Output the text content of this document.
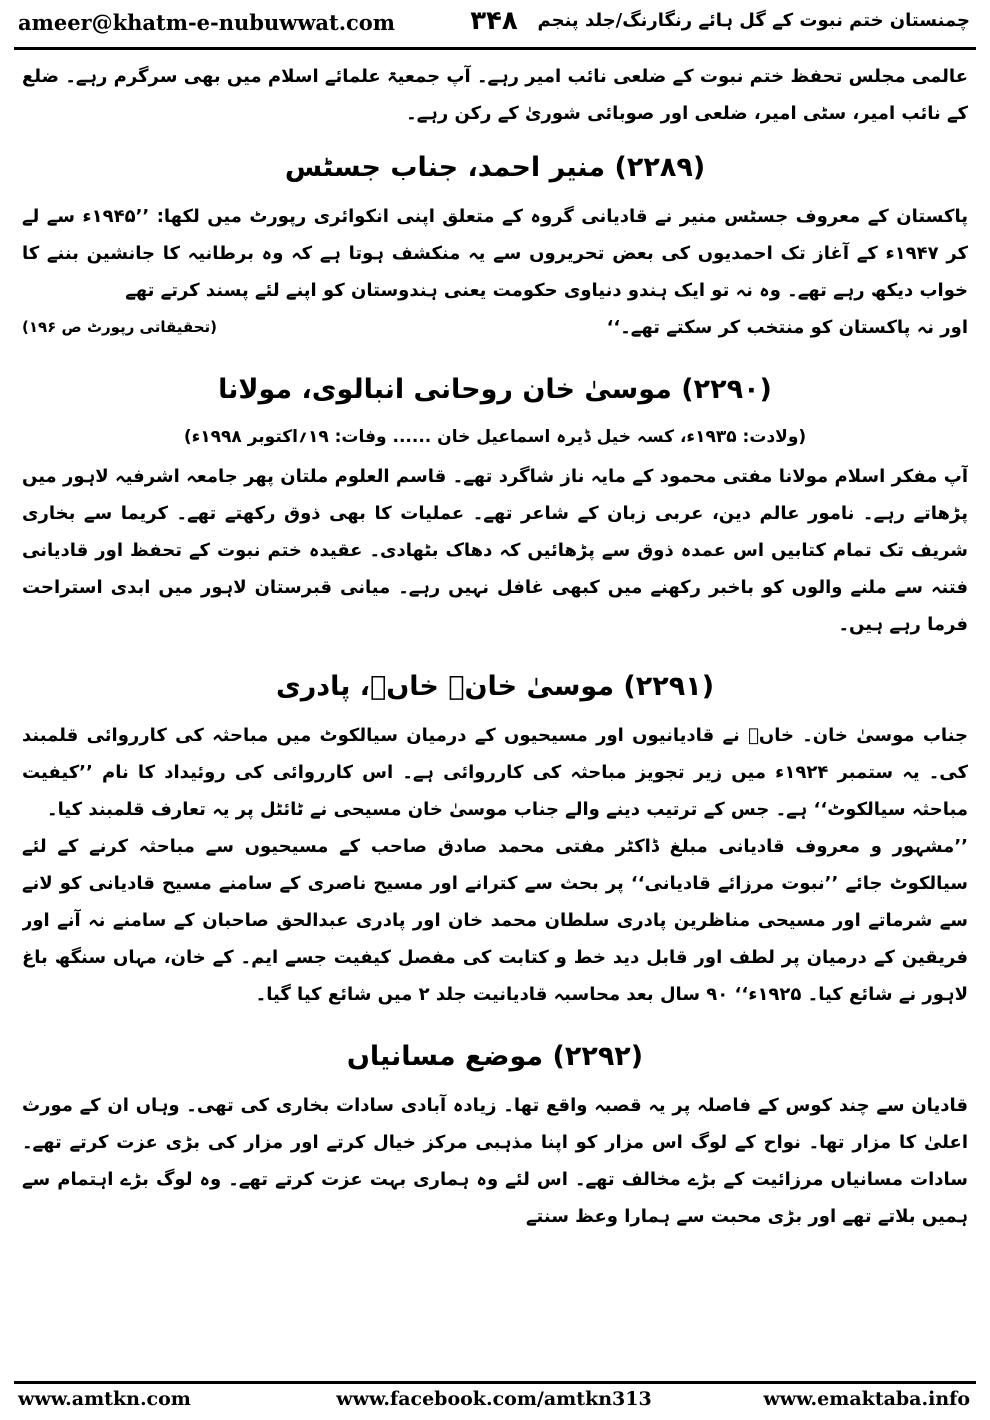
ameer@khatm-e-nubuwwat.com	۳۴۸	چمنستان ختم نبوت کے گل ہائے رنگارنگ/جلد پنجم

عالمی مجلس تحفظ ختم نبوت کے ضلعی نائب امیر رہے۔ آپ جمعیۃ علمائے اسلام میں بھی سرگرم رہے۔ ضلع کے نائب امیر، سٹی امیر، ضلعی اور صوبائی شوریٰ کے رکن رہے۔

(۲۲۸۹) منیر احمد، جناب جسٹس

پاکستان کے معروف جسٹس منیر نے قادیانی گروہ کے متعلق اپنی انکوائری رپورٹ میں لکھا: ’’۱۹۴۵ء سے لے کر ۱۹۴۷ء کے آغاز تک احمدیوں کی بعض تحریروں سے یہ منکشف ہوتا ہے کہ وہ برطانیہ کا جانشین بننے کا خواب دیکھ رہے تھے۔ وہ نہ تو ایک ہندو دنیاوی حکومت یعنی ہندوستان کو اپنے لئے پسند کرتے تھے

اور نہ پاکستان کو منتخب کر سکتے تھے۔‘‘
(تحقیقاتی رپورٹ ص ۱۹۶)
(۲۲۹۰) موسیٰ خان روحانی انبالوی، مولانا
(ولادت: ۱۹۳۵ء، کسہ خیل ڈیرہ اسماعیل خان ...... وفات: ۱۹؍اکتوبر ۱۹۹۸ء)

آپ مفکر اسلام مولانا مفتی محمود کے مایہ ناز شاگرد تھے۔ قاسم العلوم ملتان پھر جامعہ اشرفیہ لاہور میں پڑھاتے رہے۔ نامور عالم دین، عربی زبان کے شاعر تھے۔ عملیات کا بھی ذوق رکھتے تھے۔ کریما سے بخاری شریف تک تمام کتابیں اس عمدہ ذوق سے پڑھائیں کہ دھاک بٹھادی۔ عقیدہ ختم نبوت کے تحفظ اور قادیانی فتنہ سے ملنے والوں کو باخبر رکھنے میں کبھی غافل نہیں رہے۔ میانی قبرستان لاہور میں ابدی استراحت فرما رہے ہیں۔

(۲۲۹۱) موسیٰ خان۔ خاںؔ، پادری

جناب موسیٰ خان۔ خاںؔ نے قادیانیوں اور مسیحیوں کے درمیان سیالکوٹ میں مباحثہ کی کارروائی قلمبند کی۔ یہ ستمبر ۱۹۲۴ء میں زیر تجویز مباحثہ کی کارروائی ہے۔ اس کارروائی کی روئیداد کا نام ’’کیفیت مباحثہ سیالکوٹ‘‘ ہے۔ جس کے ترتیب دینے والے جناب موسیٰ خان مسیحی نے ٹائٹل پر یہ تعارف قلمبند کیا۔

’’مشہور و معروف قادیانی مبلغ ڈاکٹر مفتی محمد صادق صاحب کے مسیحیوں سے مباحثہ کرنے کے لئے سیالکوٹ جائے ’’نبوت مرزائے قادیانی‘‘ پر بحث سے کترانے اور مسیح ناصری کے سامنے مسیح قادیانی کو لانے سے شرماتے اور مسیحی مناظرین پادری سلطان محمد خان اور پادری عبدالحق صاحبان کے سامنے نہ آنے اور فریقین کے درمیان پر لطف اور قابل دید خط و کتابت کی مفصل کیفیت جسے ایم۔ کے خان، مہاں سنگھ باغ لاہور نے شائع کیا۔ ۱۹۲۵ء‘‘ ۹۰ سال بعد محاسبہ قادیانیت جلد ۲ میں شائع کیا گیا۔

(۲۲۹۲) موضع مسانیاں

قادیان سے چند کوس کے فاصلہ پر یہ قصبہ واقع تھا۔ زیادہ آبادی سادات بخاری کی تھی۔ وہاں ان کے مورث اعلیٰ کا مزار تھا۔ نواح کے لوگ اس مزار کو اپنا مذہبی مرکز خیال کرتے اور مزار کی بڑی عزت کرتے تھے۔ سادات مسانیاں مرزائیت کے بڑے مخالف تھے۔ اس لئے وہ ہماری بہت عزت کرتے تھے۔ وہ لوگ بڑے اہتمام سے ہمیں بلاتے تھے اور بڑی محبت سے ہمارا وعظ سنتے

www.amtkn.com	www.facebook.com/amtkn313	www.emaktaba.info
